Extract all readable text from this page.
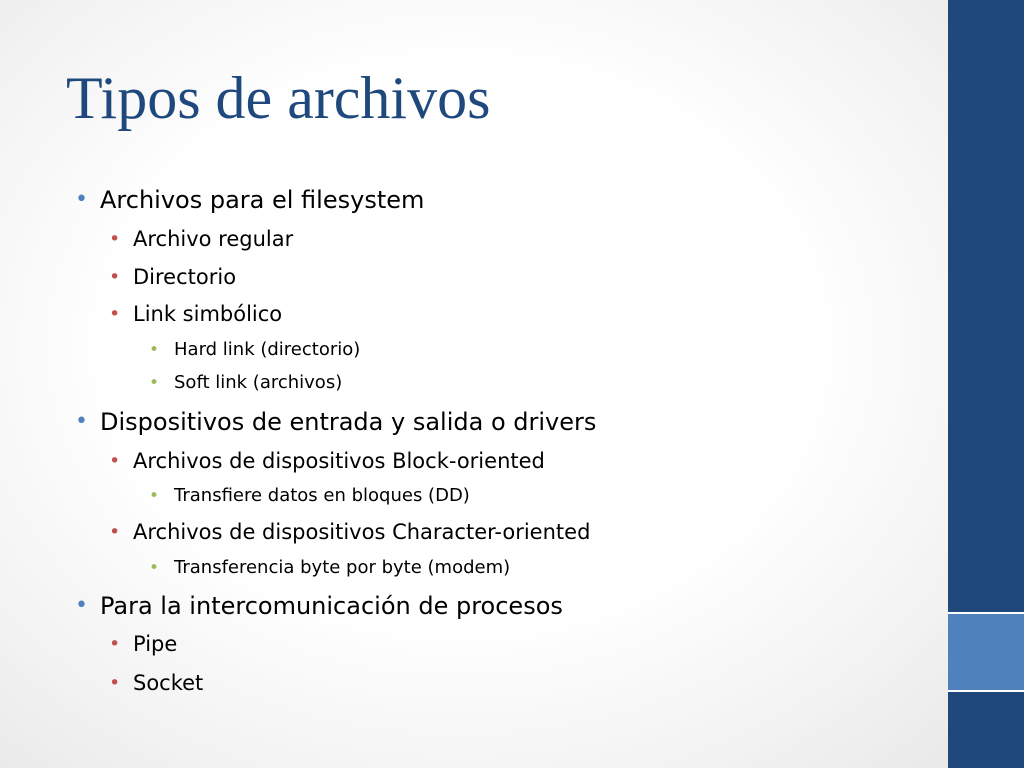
Tipos de archivos
• Archivos para el filesystem
• Archivo regular
• Directorio
• Link simbólico
• Hard link (directorio)
• Soft link (archivos)
• Dispositivos de entrada y salida o drivers
• Archivos de dispositivos Block-oriented
• Transfiere datos en bloques (DD)
• Archivos de dispositivos Character-oriented
• Transferencia byte por byte (modem)
• Para la intercomunicación de procesos
• Pipe
• Socket
